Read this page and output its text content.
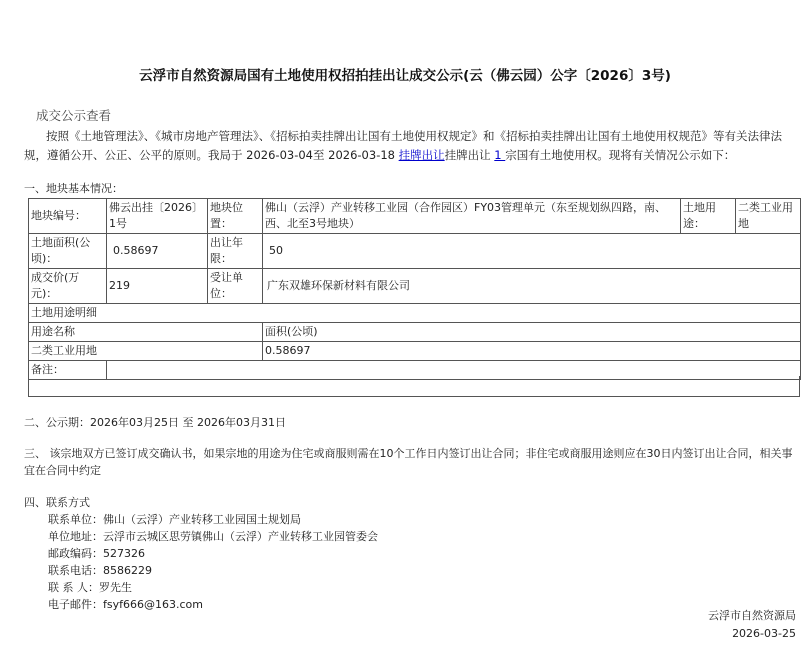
云浮市自然资源局国有土地使用权招拍挂出让成交公示(云（佛云园）公字〔2026〕3号)
成交公示查看
按照《土地管理法》、《城市房地产管理法》、《招标拍卖挂牌出让国有土地使用权规定》和《招标拍卖挂牌出让国有土地使用权规范》等有关法律法规，遵循公开、公正、公平的原则。我局于 2026-03-04至 2026-03-18 挂牌出让挂牌出让 1 宗国有土地使用权。现将有关情况公示如下：
一、地块基本情况：
地块编号：	佛云出挂〔2026〕1号	地块位置：	佛山（云浮）产业转移工业园（合作园区）FY03管理单元（东至规划纵四路，南、西、北至3号地块）	土地用途：	二类工业用地
土地面积(公顷)：	0.58697	出让年限：	50		
成交价(万元)：	219	受让单位：	广东双雄环保新材料有限公司		
土地用途明细					
用途名称			面积(公顷)		
二类工业用地			0.58697		
备注：					
二、公示期：2026年03月25日 至 2026年03月31日
三、 该宗地双方已签订成交确认书，如果宗地的用途为住宅或商服则需在10个工作日内签订出让合同；非住宅或商服用途则应在30日内签订出让合同，相关事宜在合同中约定
四、联系方式
联系单位：佛山（云浮）产业转移工业园国土规划局
单位地址：云浮市云城区思劳镇佛山（云浮）产业转移工业园管委会
邮政编码：527326
联系电话：8586229
联 系 人：罗先生
电子邮件：fsyf666@163.com
云浮市自然资源局
2026-03-25
